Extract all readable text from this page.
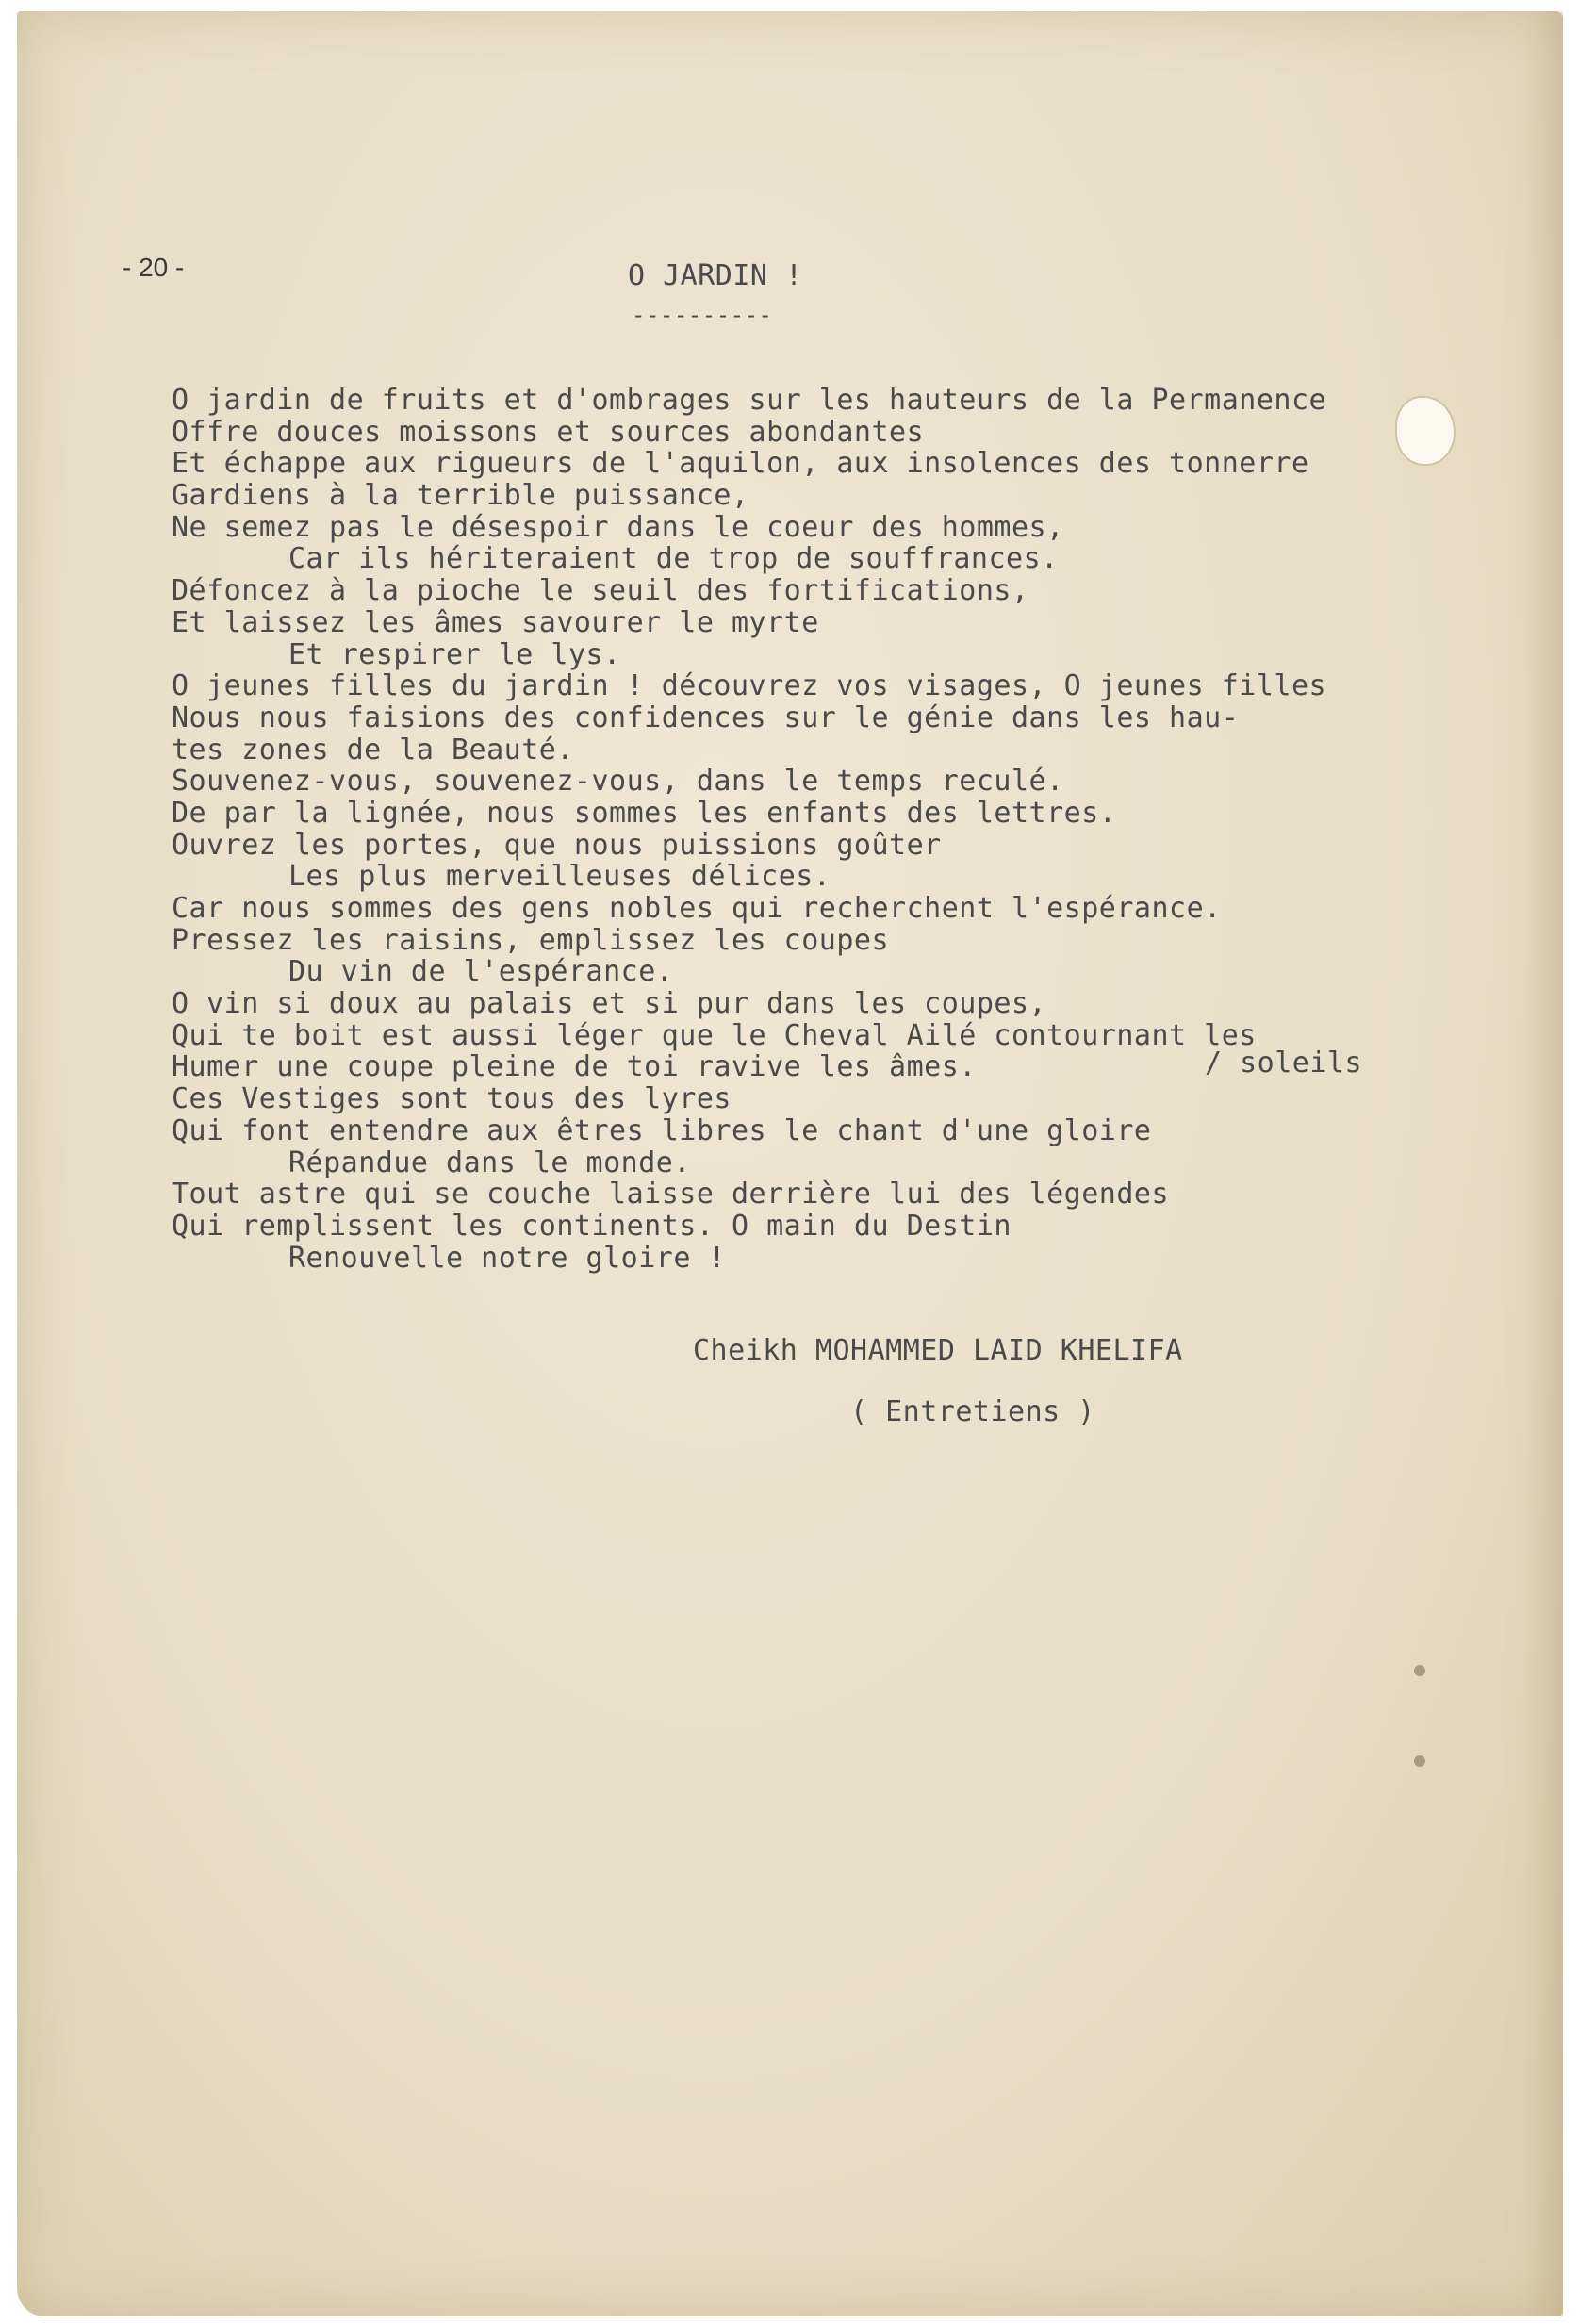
- 20 -	O JARDIN !
----------
O jardin de fruits et d'ombrages sur les hauteurs de la Permanence
Offre douces moissons et sources abondantes
Et échappe aux rigueurs de l'aquilon, aux insolences des tonnerre
Gardiens à la terrible puissance,
Ne semez pas le désespoir dans le coeur des hommes,
Car ils hériteraient de trop de souffrances.
Défoncez à la pioche le seuil des fortifications,
Et laissez les âmes savourer le myrte
Et respirer le lys.
O jeunes filles du jardin ! découvrez vos visages, O jeunes filles
Nous nous faisions des confidences sur le génie dans les hau-
tes zones de la Beauté.
Souvenez-vous, souvenez-vous, dans le temps reculé.
De par la lignée, nous sommes les enfants des lettres.
Ouvrez les portes, que nous puissions goûter
Les plus merveilleuses délices.
Car nous sommes des gens nobles qui recherchent l'espérance.
Pressez les raisins, emplissez les coupes
Du vin de l'espérance.
O vin si doux au palais et si pur dans les coupes,
Qui te boit est aussi léger que le Cheval Ailé contournant les
Humer une coupe pleine de toi ravive les âmes.
Ces Vestiges sont tous des lyres
Qui font entendre aux êtres libres le chant d'une gloire
Répandue dans le monde.
Tout astre qui se couche laisse derrière lui des légendes
Qui remplissent les continents. O main du Destin
Renouvelle notre gloire !
/ soleils
Cheikh MOHAMMED LAID KHELIFA
( Entretiens )
